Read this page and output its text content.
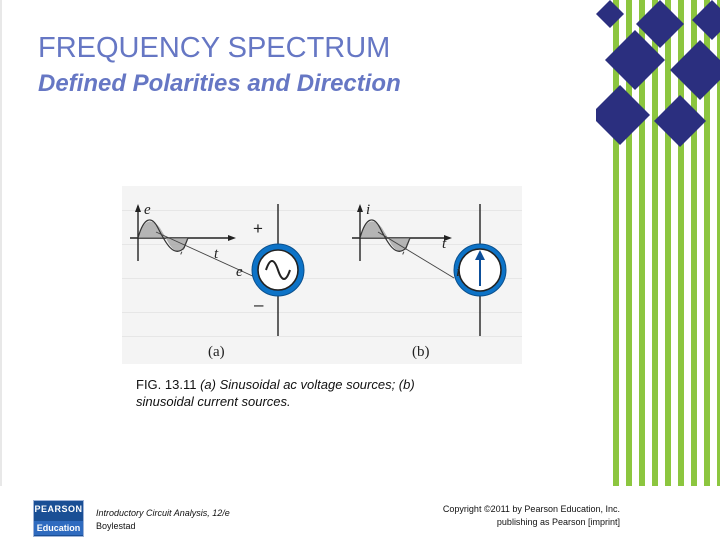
FREQUENCY SPECTRUM
Defined Polarities and Direction
e
t
+
–
e
(a)
i
t
i
(b)
FIG. 13.11 (a) Sinusoidal ac voltage sources; (b) sinusoidal current sources.
PEARSON
Education
Introductory Circuit Analysis, 12/e
Boylestad
Copyright ©2011 by Pearson Education, Inc.
publishing as Pearson [imprint]
